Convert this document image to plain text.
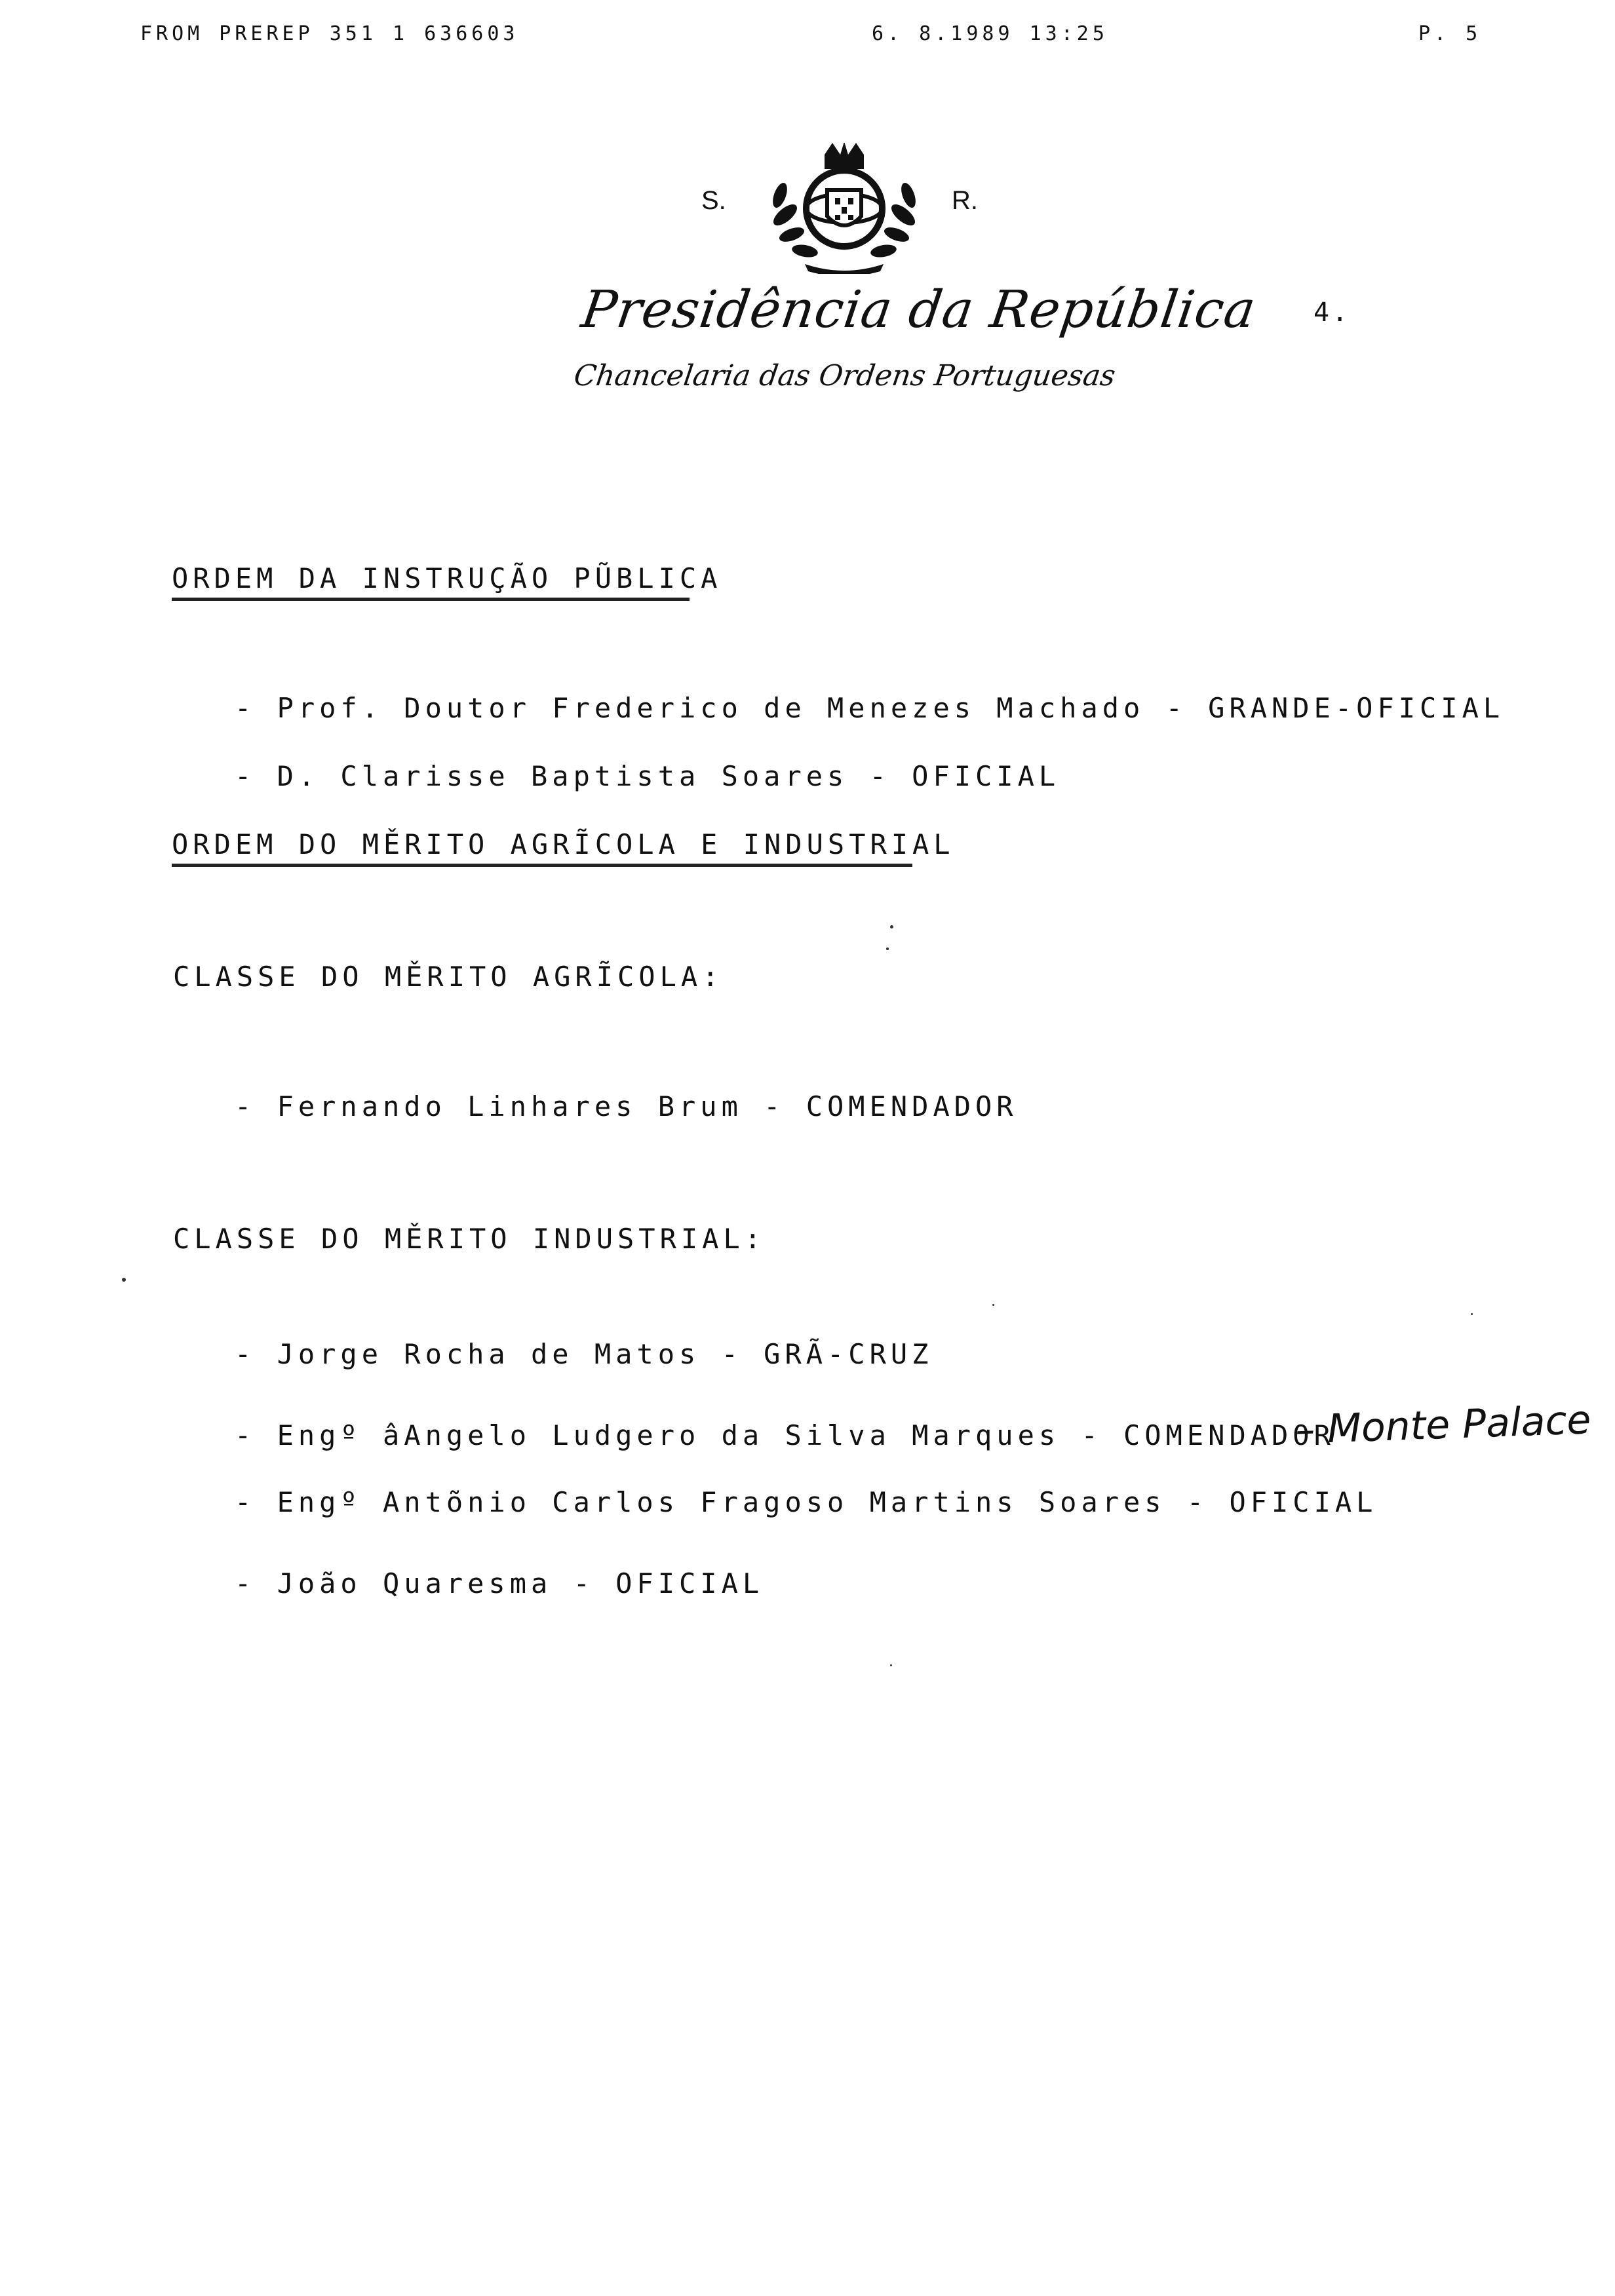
FROM PREREP 351 1 636603	6. 8.1989 13:25	P. 5
S.	R.
Presidência da República
Chancelaria das Ordens Portuguesas
4.
ORDEM DA INSTRUÇÃO PŨBLICA
- Prof. Doutor Frederico de Menezes Machado - GRANDE-OFICIAL
- D. Clarisse Baptista Soares - OFICIAL
ORDEM DO MĚRITO AGRĨCOLA E INDUSTRIAL
CLASSE DO MĚRITO AGRĨCOLA:
- Fernando Linhares Brum - COMENDADOR
CLASSE DO MĚRITO INDUSTRIAL:
- Jorge Rocha de Matos - GRÃ-CRUZ
- Engº âAngelo Ludgero da Silva Marques - COMENDADOR
- Engº Antõnio Carlos Fragoso Martins Soares - OFICIAL
- João Quaresma - OFICIAL
– Monte Palace
